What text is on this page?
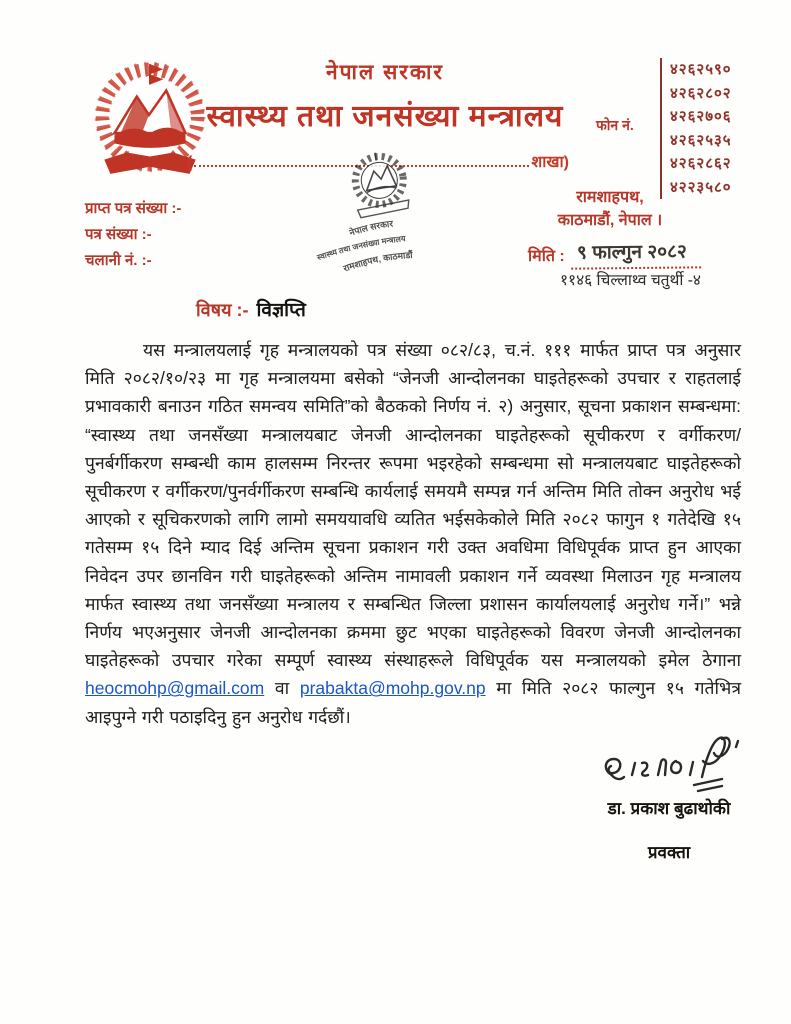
नेपाल सरकार
स्वास्थ्य तथा जनसंख्या मन्त्रालय
(	शाखा)
फोन नं.
४२६२५९०
४२६२८०२
४२६२७०६
४२६२५३५
४२६२८६२
४२२३५८०
नेपाल सरकार
स्वास्थ्य तथा जनसंख्या मन्त्रालय
रामशाहपथ, काठमाडौं
प्राप्त पत्र संख्या :-
पत्र संख्या :-
चलानी नं. :-
रामशाहपथ,
काठमाडौं, नेपाल ।
मिति : ९ फाल्गुन २०८२
११४६ चिल्लाथ्व चतुर्थी -४
विषय :- विज्ञप्ति

यस मन्त्रालयलाई गृह मन्त्रालयको पत्र संख्या ०८२/८३, च.नं. १११ मार्फत प्राप्त पत्र अनुसार मिति २०८२/१०/२३ मा गृह मन्त्रालयमा बसेको “जेनजी आन्दोलनका घाइतेहरूको उपचार र राहतलाई प्रभावकारी बनाउन गठित समन्वय समिति”को बैठकको निर्णय नं. २) अनुसार, सूचना प्रकाशन सम्बन्धमा: “स्वास्थ्य तथा जनसँख्या मन्त्रालयबाट जेनजी आन्दोलनका घाइतेहरूको सूचीकरण र वर्गीकरण/पुनर्बर्गीकरण सम्बन्धी काम हालसम्म निरन्तर रूपमा भइरहेको सम्बन्धमा सो मन्त्रालयबाट घाइतेहरूको सूचीकरण र वर्गीकरण/पुनर्वर्गीकरण सम्बन्धि कार्यलाई समयमै सम्पन्न गर्न अन्तिम मिति तोक्न अनुरोध भई आएको र सूचिकरणको लागि लामो समययावधि व्यतित भईसकेकोले मिति २०८२ फागुन १ गतेदेखि १५ गतेसम्म १५ दिने म्याद दिई अन्तिम सूचना प्रकाशन गरी उक्त अवधिमा विधिपूर्वक प्राप्त हुन आएका निवेदन उपर छानविन गरी घाइतेहरूको अन्तिम नामावली प्रकाशन गर्ने व्यवस्था मिलाउन गृह मन्त्रालय मार्फत स्वास्थ्य तथा जनसँख्या मन्त्रालय र सम्बन्धित जिल्ला प्रशासन कार्यालयलाई अनुरोध गर्ने।” भन्ने निर्णय भएअनुसार जेनजी आन्दोलनका क्रममा छुट भएका घाइतेहरूको विवरण जेनजी आन्दोलनका घाइतेहरूको उपचार गरेका सम्पूर्ण स्वास्थ्य संस्थाहरूले विधिपूर्वक यस मन्त्रालयको इमेल ठेगाना heocmohp@gmail.com वा prabakta@mohp.gov.np मा मिति २०८२ फाल्गुन १५ गतेभित्र आइपुग्ने गरी पठाइदिनु हुन अनुरोध गर्दछौं।

डा. प्रकाश बुढाथोकी
प्रवक्ता
